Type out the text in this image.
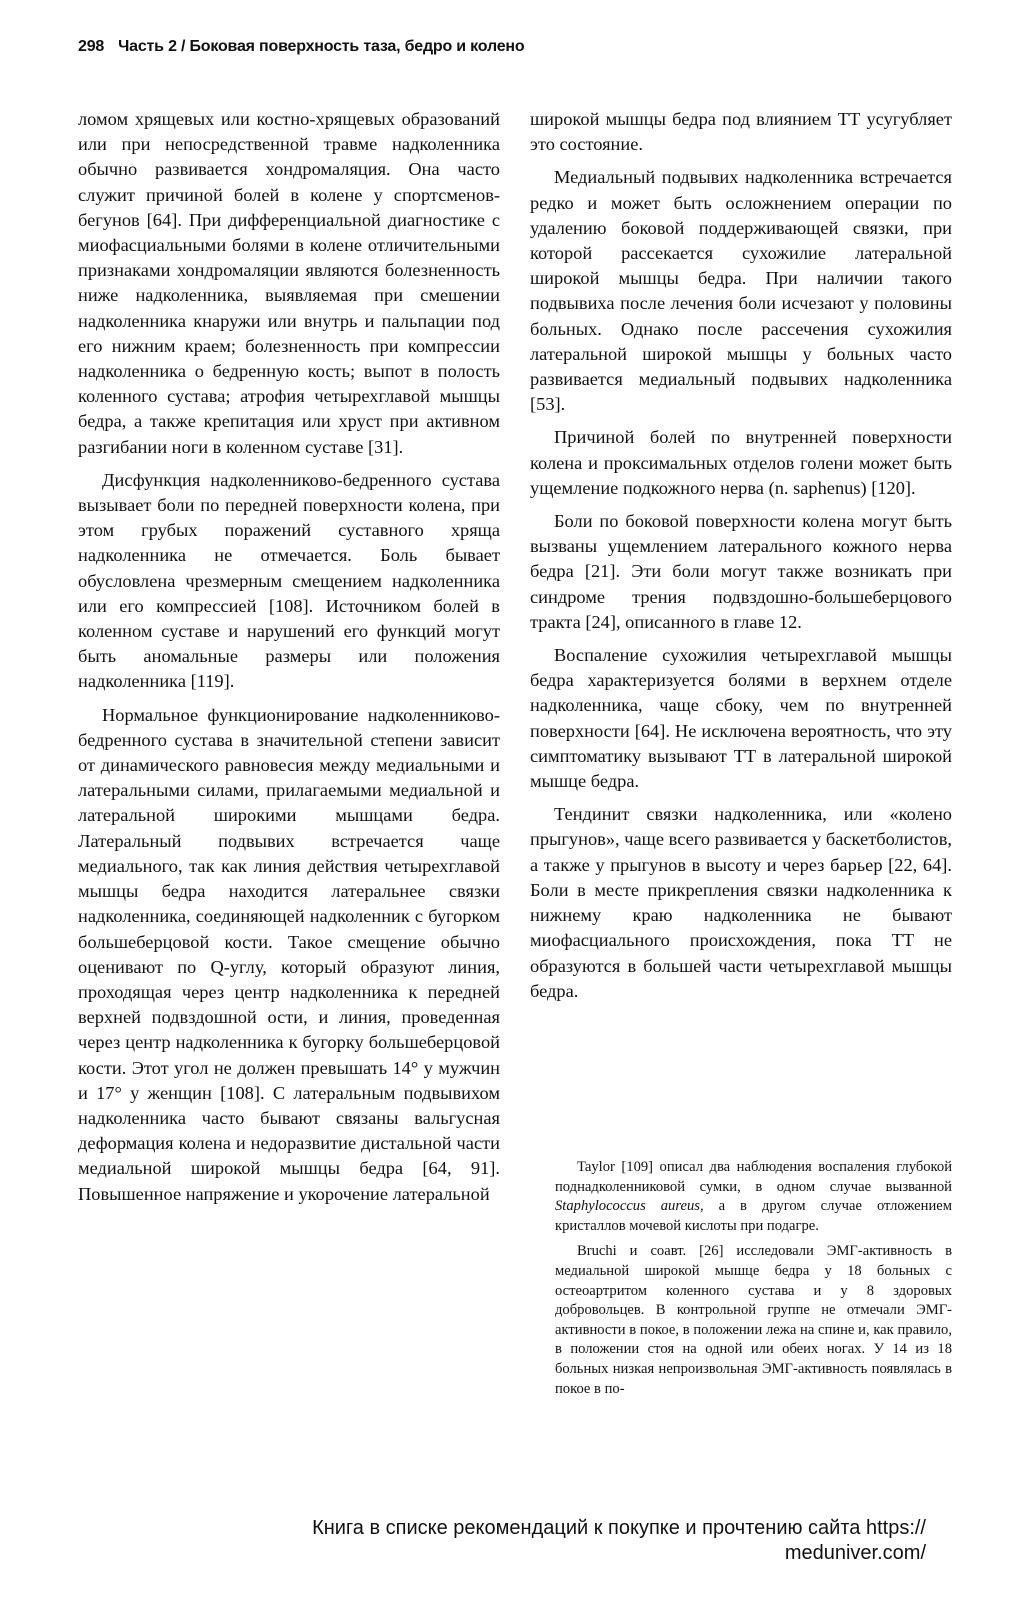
298 Часть 2 / Боковая поверхность таза, бедро и колено

ломом хрящевых или костно-хрящевых образований или при непосредственной травме надколенника обычно развивается хондромаляция. Она часто служит причиной болей в колене у спортсменов-бегунов [64]. При дифференциальной диагностике с миофасциальными болями в колене отличительными признаками хондромаляции являются болезненность ниже надколенника, выявляемая при смешении надколенника кнаружи или внутрь и пальпации под его нижним краем; болезненность при компрессии надколенника о бедренную кость; выпот в полость коленного сустава; атрофия четырехглавой мышцы бедра, а также крепитация или хруст при активном разгибании ноги в коленном суставе [31].

Дисфункция надколенниково-бедренного сустава вызывает боли по передней поверхности колена, при этом грубых поражений суставного хряща надколенника не отмечается. Боль бывает обусловлена чрезмерным смещением надколенника или его компрессией [108]. Источником болей в коленном суставе и нарушений его функций могут быть аномальные размеры или положения надколенника [119].

Нормальное функционирование надколенниково-бедренного сустава в значительной степени зависит от динамического равновесия между медиальными и латеральными силами, прилагаемыми медиальной и латеральной широкими мышцами бедра. Латеральный подвывих встречается чаще медиального, так как линия действия четырехглавой мышцы бедра находится латеральнее связки надколенника, соединяющей надколенник с бугорком большеберцовой кости. Такое смещение обычно оценивают по Q-углу, который образуют линия, проходящая через центр надколенника к передней верхней подвздошной ости, и линия, проведенная через центр надколенника к бугорку большеберцовой кости. Этот угол не должен превышать 14° у мужчин и 17° у женщин [108]. С латеральным подвывихом надколенника часто бывают связаны вальгусная деформация колена и недоразвитие дистальной части медиальной широкой мышцы бедра [64, 91]. Повышенное напряжение и укорочение латеральной

широкой мышцы бедра под влиянием ТТ усугубляет это состояние.

Медиальный подвывих надколенника встречается редко и может быть осложнением операции по удалению боковой поддерживающей связки, при которой рассекается сухожилие латеральной широкой мышцы бедра. При наличии такого подвывиха после лечения боли исчезают у половины больных. Однако после рассечения сухожилия латеральной широкой мышцы у больных часто развивается медиальный подвывих надколенника [53].

Причиной болей по внутренней поверхности колена и проксимальных отделов голени может быть ущемление подкожного нерва (n. saphenus) [120].

Боли по боковой поверхности колена могут быть вызваны ущемлением латерального кожного нерва бедра [21]. Эти боли могут также возникать при синдроме трения подвздошно-большеберцового тракта [24], описанного в главе 12.

Воспаление сухожилия четырехглавой мышцы бедра характеризуется болями в верхнем отделе надколенника, чаще сбоку, чем по внутренней поверхности [64]. Не исключена вероятность, что эту симптоматику вызывают ТТ в латеральной широкой мышце бедра.

Тендинит связки надколенника, или «колено прыгунов», чаще всего развивается у баскетболистов, а также у прыгунов в высоту и через барьер [22, 64]. Боли в месте прикрепления связки надколенника к нижнему краю надколенника не бывают миофасциального происхождения, пока ТТ не образуются в большей части четырехглавой мышцы бедра.

Taylor [109] описал два наблюдения воспаления глубокой поднадколенниковой сумки, в одном случае вызванной Staphylococcus aureus, а в другом случае отложением кристаллов мочевой кислоты при подагре.

Bruchi и соавт. [26] исследовали ЭМГ-активность в медиальной широкой мышце бедра у 18 больных с остеоартритом коленного сустава и у 8 здоровых добровольцев. В контрольной группе не отмечали ЭМГ-активности в покое, в положении лежа на спине и, как правило, в положении стоя на одной или обеих ногах. У 14 из 18 больных низкая непроизвольная ЭМГ-активность появлялась в покое в по-

Книга в списке рекомендаций к покупке и прочтению сайта https://
meduniver.com/
